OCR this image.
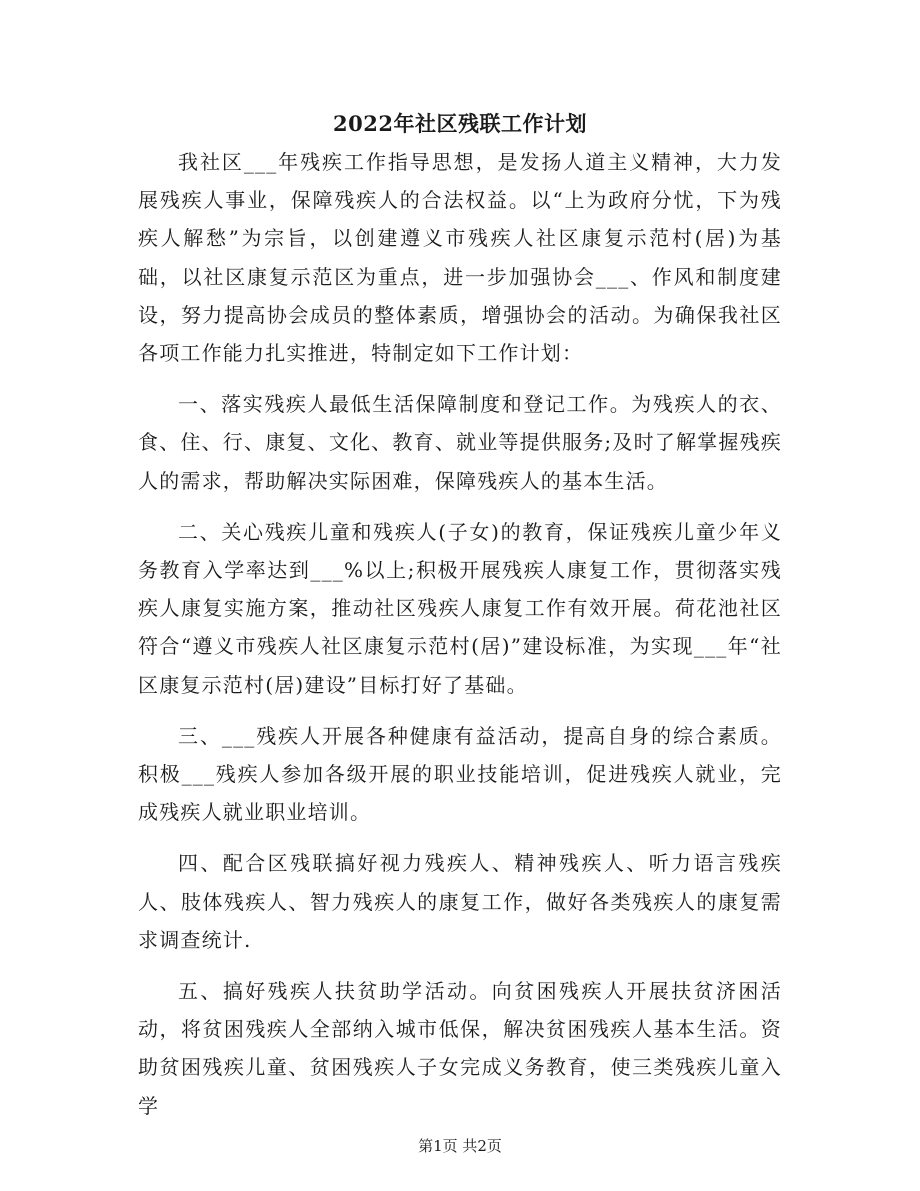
2022年社区残联工作计划

我社区___年残疾工作指导思想，是发扬人道主义精神，大力发展残疾人事业，保障残疾人的合法权益。以“上为政府分忧，下为残疾人解愁”为宗旨，以创建遵义市残疾人社区康复示范村(居)为基础，以社区康复示范区为重点，进一步加强协会___、作风和制度建设，努力提高协会成员的整体素质，增强协会的活动。为确保我社区各项工作能力扎实推进，特制定如下工作计划：

一、落实残疾人最低生活保障制度和登记工作。为残疾人的衣、食、住、行、康复、文化、教育、就业等提供服务;及时了解掌握残疾人的需求，帮助解决实际困难，保障残疾人的基本生活。

二、关心残疾儿童和残疾人(子女)的教育，保证残疾儿童少年义务教育入学率达到___%以上;积极开展残疾人康复工作，贯彻落实残疾人康复实施方案，推动社区残疾人康复工作有效开展。荷花池社区符合“遵义市残疾人社区康复示范村(居)”建设标准，为实现___年“社区康复示范村(居)建设”目标打好了基础。

三、___残疾人开展各种健康有益活动，提高自身的综合素质。积极___残疾人参加各级开展的职业技能培训，促进残疾人就业，完成残疾人就业职业培训。

四、配合区残联搞好视力残疾人、精神残疾人、听力语言残疾人、肢体残疾人、智力残疾人的康复工作，做好各类残疾人的康复需求调查统计.

五、搞好残疾人扶贫助学活动。向贫困残疾人开展扶贫济困活动，将贫困残疾人全部纳入城市低保，解决贫困残疾人基本生活。资助贫困残疾儿童、贫困残疾人子女完成义务教育，使三类残疾儿童入学

第1页 共2页
